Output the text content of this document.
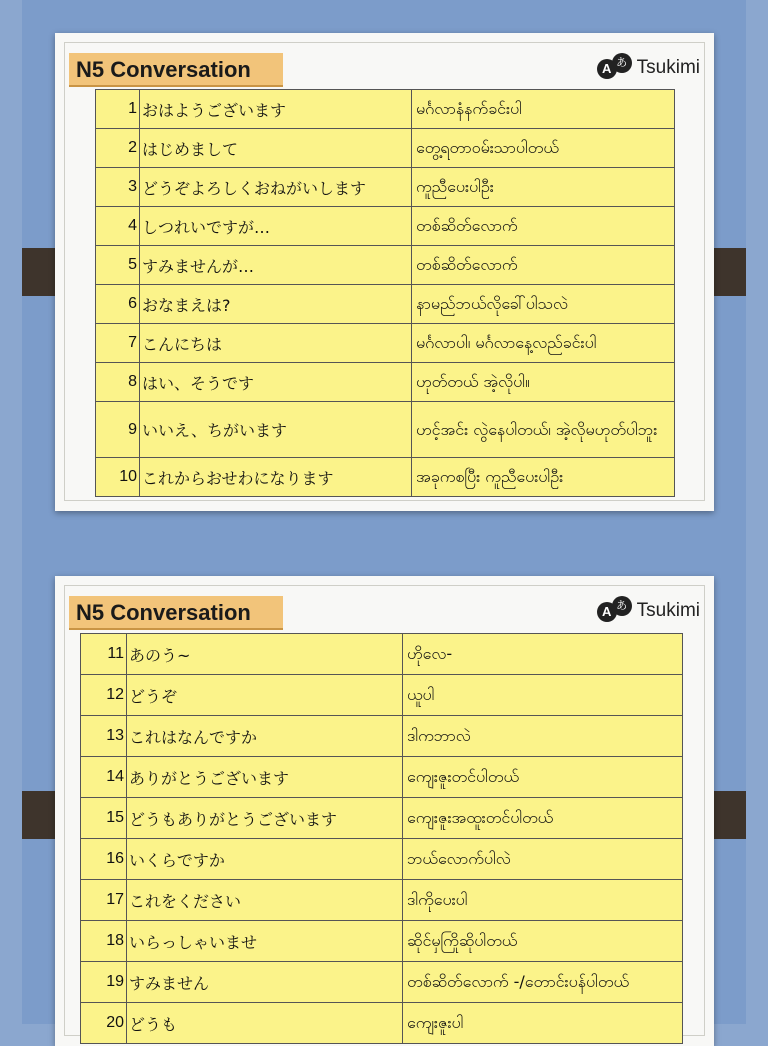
N5 Conversation	A あ Tsukimi
1	おはようございます	မင်္ဂလာနံနက်ခင်းပါ
2	はじめまして	တွေ့ရတာဝမ်းသာပါတယ်
3	どうぞよろしくおねがいします	ကူညီပေးပါဦး
4	しつれいですが…	တစ်ဆိတ်လောက်
5	すみませんが…	တစ်ဆိတ်လောက်
6	おなまえは?	နာမည်ဘယ်လိုခေါ်ပါသလဲ
7	こんにちは	မင်္ဂလာပါ၊ မင်္ဂလာနေ့လည်ခင်းပါ
8	はい、そうです	ဟုတ်တယ် အဲ့လိုပါ။
9	いいえ、ちがいます	ဟင့်အင်း လွဲနေပါတယ်၊ အဲ့လိုမဟုတ်ပါဘူး
10	これからおせわになります	အခုကစပြီး ကူညီပေးပါဦး
N5 Conversation	A あ Tsukimi
11	あのう~	ဟိုလေ-
12	どうぞ	ယူပါ
13	これはなんですか	ဒါကဘာလဲ
14	ありがとうございます	ကျေးဇူးတင်ပါတယ်
15	どうもありがとうございます	ကျေးဇူးအထူးတင်ပါတယ်
16	いくらですか	ဘယ်လောက်ပါလဲ
17	これをください	ဒါကိုပေးပါ
18	いらっしゃいませ	ဆိုင်မှကြိုဆိုပါတယ်
19	すみません	တစ်ဆိတ်လောက် -/တောင်းပန်ပါတယ်
20	どうも	ကျေးဇူးပါ
